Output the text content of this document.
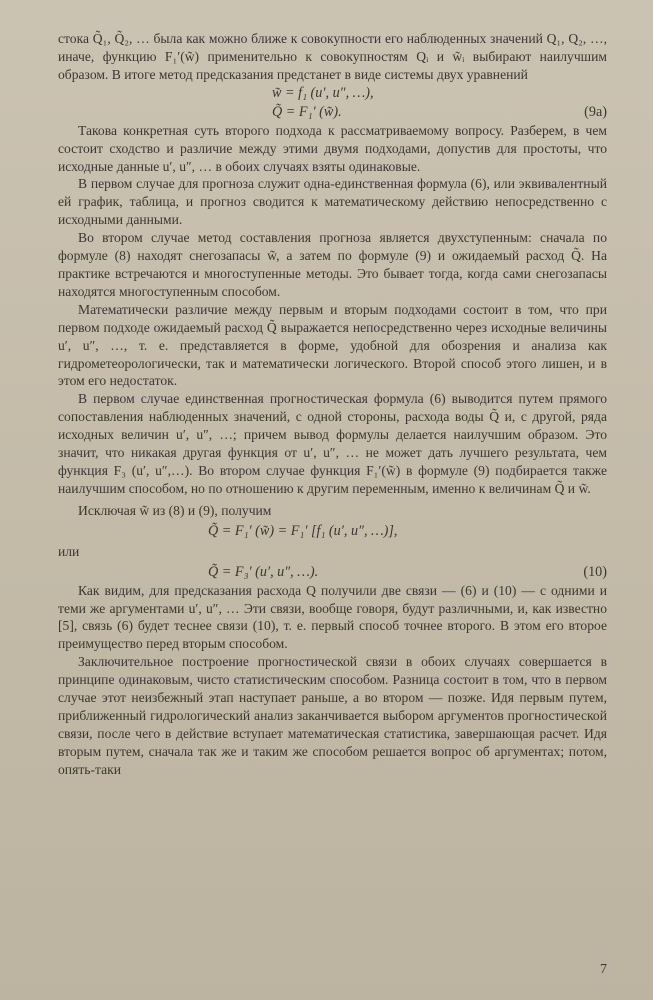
стока Q̃₁, Q̃₂, … была как можно ближе к совокупности его наблюденных значений Q₁, Q₂, …, иначе, функцию F₁′(w̃) применительно к совокупностям Qᵢ и w̃ᵢ выбирают наилучшим образом. В итоге метод предсказания предстанет в виде системы двух уравнений

w̃ = f₁ (u′, u″, …),
Q̃ = F₁′ (w̃).	(9a)

Такова конкретная суть второго подхода к рассматриваемому вопросу. Разберем, в чем состоит сходство и различие между этими двумя подходами, допустив для простоты, что исходные данные u′, u″, … в обоих случаях взяты одинаковые.

В первом случае для прогноза служит одна-единственная формула (6), или эквивалентный ей график, таблица, и прогноз сводится к математическому действию непосредственно с исходными данными.

Во втором случае метод составления прогноза является двухступенным: сначала по формуле (8) находят снегозапасы w̃, а затем по формуле (9) и ожидаемый расход Q̃. На практике встречаются и многоступенные методы. Это бывает тогда, когда сами снегозапасы находятся многоступенным способом.

Математически различие между первым и вторым подходами состоит в том, что при первом подходе ожидаемый расход Q̃ выражается непосредственно через исходные величины u′, u″, …, т. е. представляется в форме, удобной для обозрения и анализа как гидрометеорологически, так и математически логического. Второй способ этого лишен, и в этом его недостаток.

В первом случае единственная прогностическая формула (6) выводится путем прямого сопоставления наблюденных значений, с одной стороны, расхода воды Q̃ и, с другой, ряда исходных величин u′, u″, …; причем вывод формулы делается наилучшим образом. Это значит, что никакая другая функция от u′, u″, … не может дать лучшего результата, чем функция F₃ (u′, u″,…). Во втором случае функция F₁′(w̃) в формуле (9) подбирается также наилучшим способом, но по отношению к другим переменным, именно к величинам Q̃ и w̃.

Исключая w̃ из (8) и (9), получим

Q̃ = F₁′ (w̃) = F₁′ [f₁ (u′, u″, …)],

или

Q̃ = F₃′ (u′, u″, …).	(10)

Как видим, для предсказания расхода Q получили две связи — (6) и (10) — с одними и теми же аргументами u′, u″, … Эти связи, вообще говоря, будут различными, и, как известно [5], связь (6) будет теснее связи (10), т. е. первый способ точнее второго. В этом его второе преимущество перед вторым способом.

Заключительное построение прогностической связи в обоих случаях совершается в принципе одинаковым, чисто статистическим способом. Разница состоит в том, что в первом случае этот неизбежный этап наступает раньше, а во втором — позже. Идя первым путем, приближенный гидрологический анализ заканчивается выбором аргументов прогностической связи, после чего в действие вступает математическая статистика, завершающая расчет. Идя вторым путем, сначала так же и таким же способом решается вопрос об аргументах; потом, опять-таки

7
